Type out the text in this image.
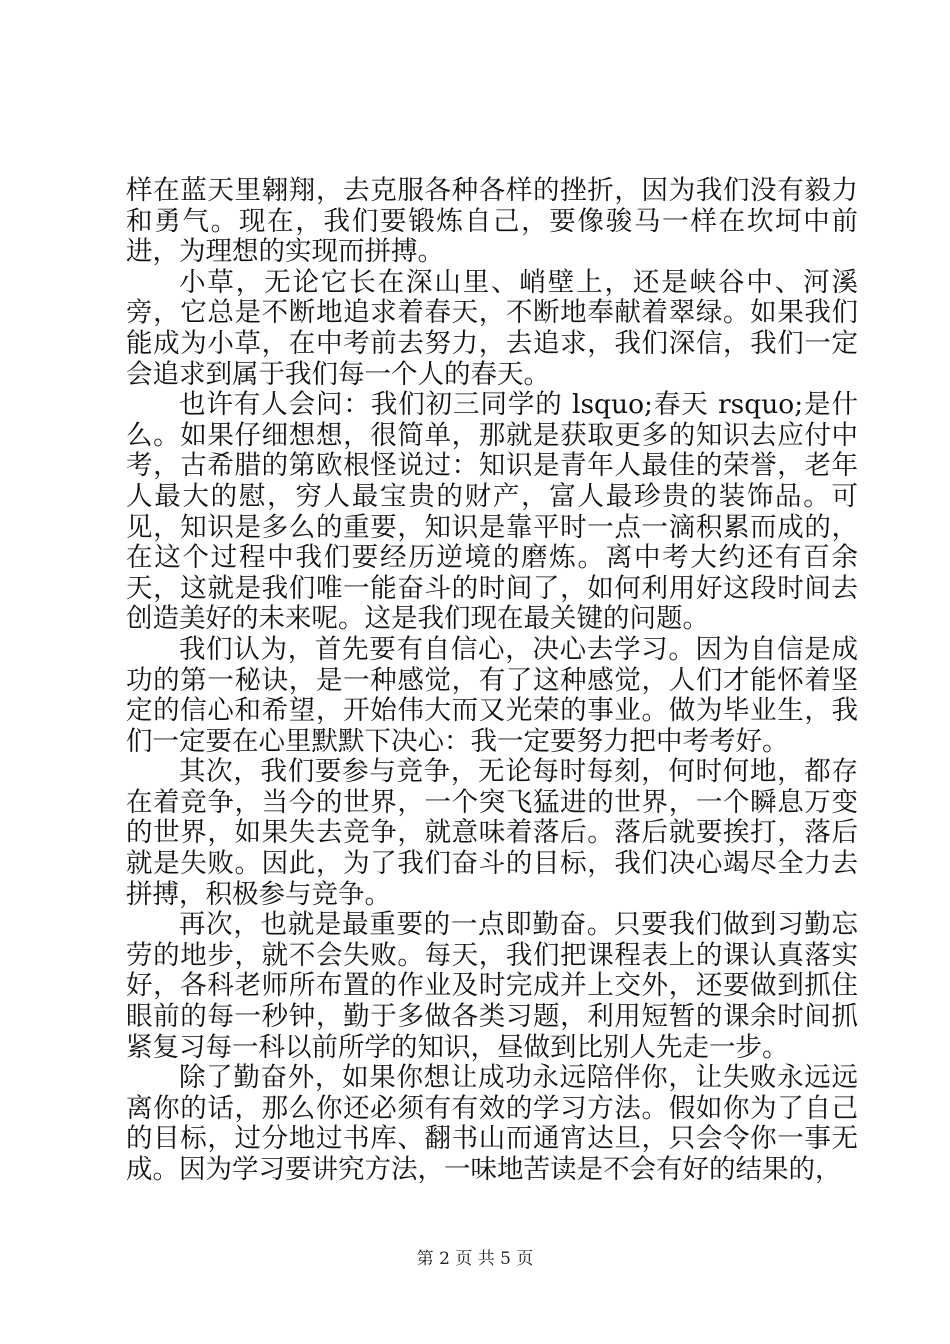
样在蓝天里翱翔，去克服各种各样的挫折，因为我们没有毅力和勇气。现在，我们要锻炼自己，要像骏马一样在坎坷中前进，为理想的实现而拼搏。

小草，无论它长在深山里、峭壁上，还是峡谷中、河溪旁，它总是不断地追求着春天，不断地奉献着翠绿。如果我们能成为小草，在中考前去努力，去追求，我们深信，我们一定会追求到属于我们每一个人的春天。

也许有人会问：我们初三同学的 lsquo;春天 rsquo;是什么。如果仔细想想，很简单，那就是获取更多的知识去应付中考，古希腊的第欧根怪说过：知识是青年人最佳的荣誉，老年人最大的慰，穷人最宝贵的财产，富人最珍贵的装饰品。可见，知识是多么的重要，知识是靠平时一点一滴积累而成的，在这个过程中我们要经历逆境的磨炼。离中考大约还有百余天，这就是我们唯一能奋斗的时间了，如何利用好这段时间去创造美好的未来呢。这是我们现在最关键的问题。

我们认为，首先要有自信心，决心去学习。因为自信是成功的第一秘诀，是一种感觉，有了这种感觉，人们才能怀着坚定的信心和希望，开始伟大而又光荣的事业。做为毕业生，我们一定要在心里默默下决心：我一定要努力把中考考好。

其次，我们要参与竞争，无论每时每刻，何时何地，都存在着竞争，当今的世界，一个突飞猛进的世界，一个瞬息万变的世界，如果失去竞争，就意味着落后。落后就要挨打，落后就是失败。因此，为了我们奋斗的目标，我们决心竭尽全力去拼搏，积极参与竞争。

再次，也就是最重要的一点即勤奋。只要我们做到习勤忘劳的地步，就不会失败。每天，我们把课程表上的课认真落实好，各科老师所布置的作业及时完成并上交外，还要做到抓住眼前的每一秒钟，勤于多做各类习题，利用短暂的课余时间抓紧复习每一科以前所学的知识，昼做到比别人先走一步。

除了勤奋外，如果你想让成功永远陪伴你，让失败永远远离你的话，那么你还必须有有效的学习方法。假如你为了自己的目标，过分地过书库、翻书山而通宵达旦，只会令你一事无成。因为学习要讲究方法，一味地苦读是不会有好的结果的，

第 2 页 共 5 页
